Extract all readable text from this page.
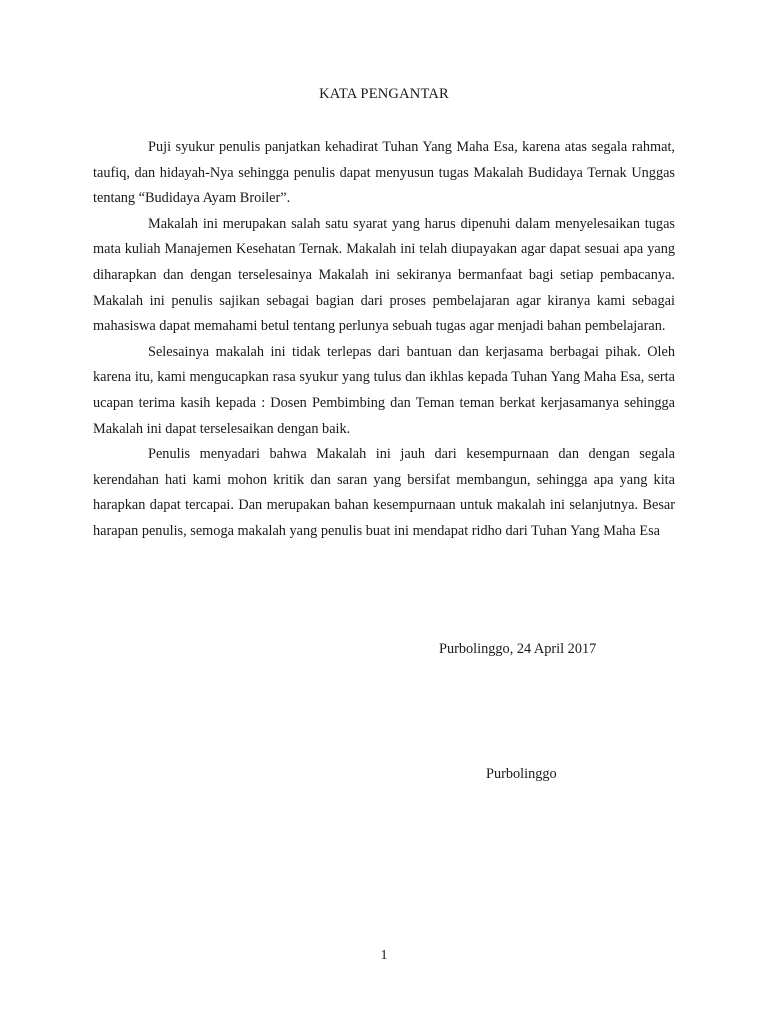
KATA PENGANTAR

Puji syukur penulis panjatkan kehadirat Tuhan Yang Maha Esa, karena atas segala rahmat, taufiq, dan hidayah-Nya sehingga penulis dapat menyusun tugas Makalah Budidaya Ternak Unggas tentang “Budidaya Ayam Broiler”.

Makalah ini merupakan salah satu syarat yang harus dipenuhi dalam menyelesaikan tugas mata kuliah Manajemen Kesehatan Ternak. Makalah ini telah diupayakan agar dapat sesuai apa yang diharapkan dan dengan terselesainya Makalah ini sekiranya bermanfaat bagi setiap pembacanya. Makalah ini penulis sajikan sebagai bagian dari proses pembelajaran agar kiranya kami sebagai mahasiswa dapat memahami betul tentang perlunya sebuah tugas agar menjadi bahan pembelajaran.

Selesainya makalah ini tidak terlepas dari bantuan dan kerjasama berbagai pihak. Oleh karena itu, kami mengucapkan rasa syukur yang tulus dan ikhlas kepada Tuhan Yang Maha Esa, serta ucapan terima kasih kepada : Dosen Pembimbing dan Teman teman berkat kerjasamanya sehingga Makalah ini dapat terselesaikan dengan baik.

Penulis menyadari bahwa Makalah ini jauh dari kesempurnaan dan dengan segala kerendahan hati kami mohon kritik dan saran yang bersifat membangun, sehingga apa yang kita harapkan dapat tercapai. Dan merupakan bahan kesempurnaan untuk makalah ini selanjutnya. Besar harapan penulis, semoga makalah yang penulis buat ini mendapat ridho dari Tuhan Yang Maha Esa

Purbolinggo, 24 April 2017
Purbolinggo
1
